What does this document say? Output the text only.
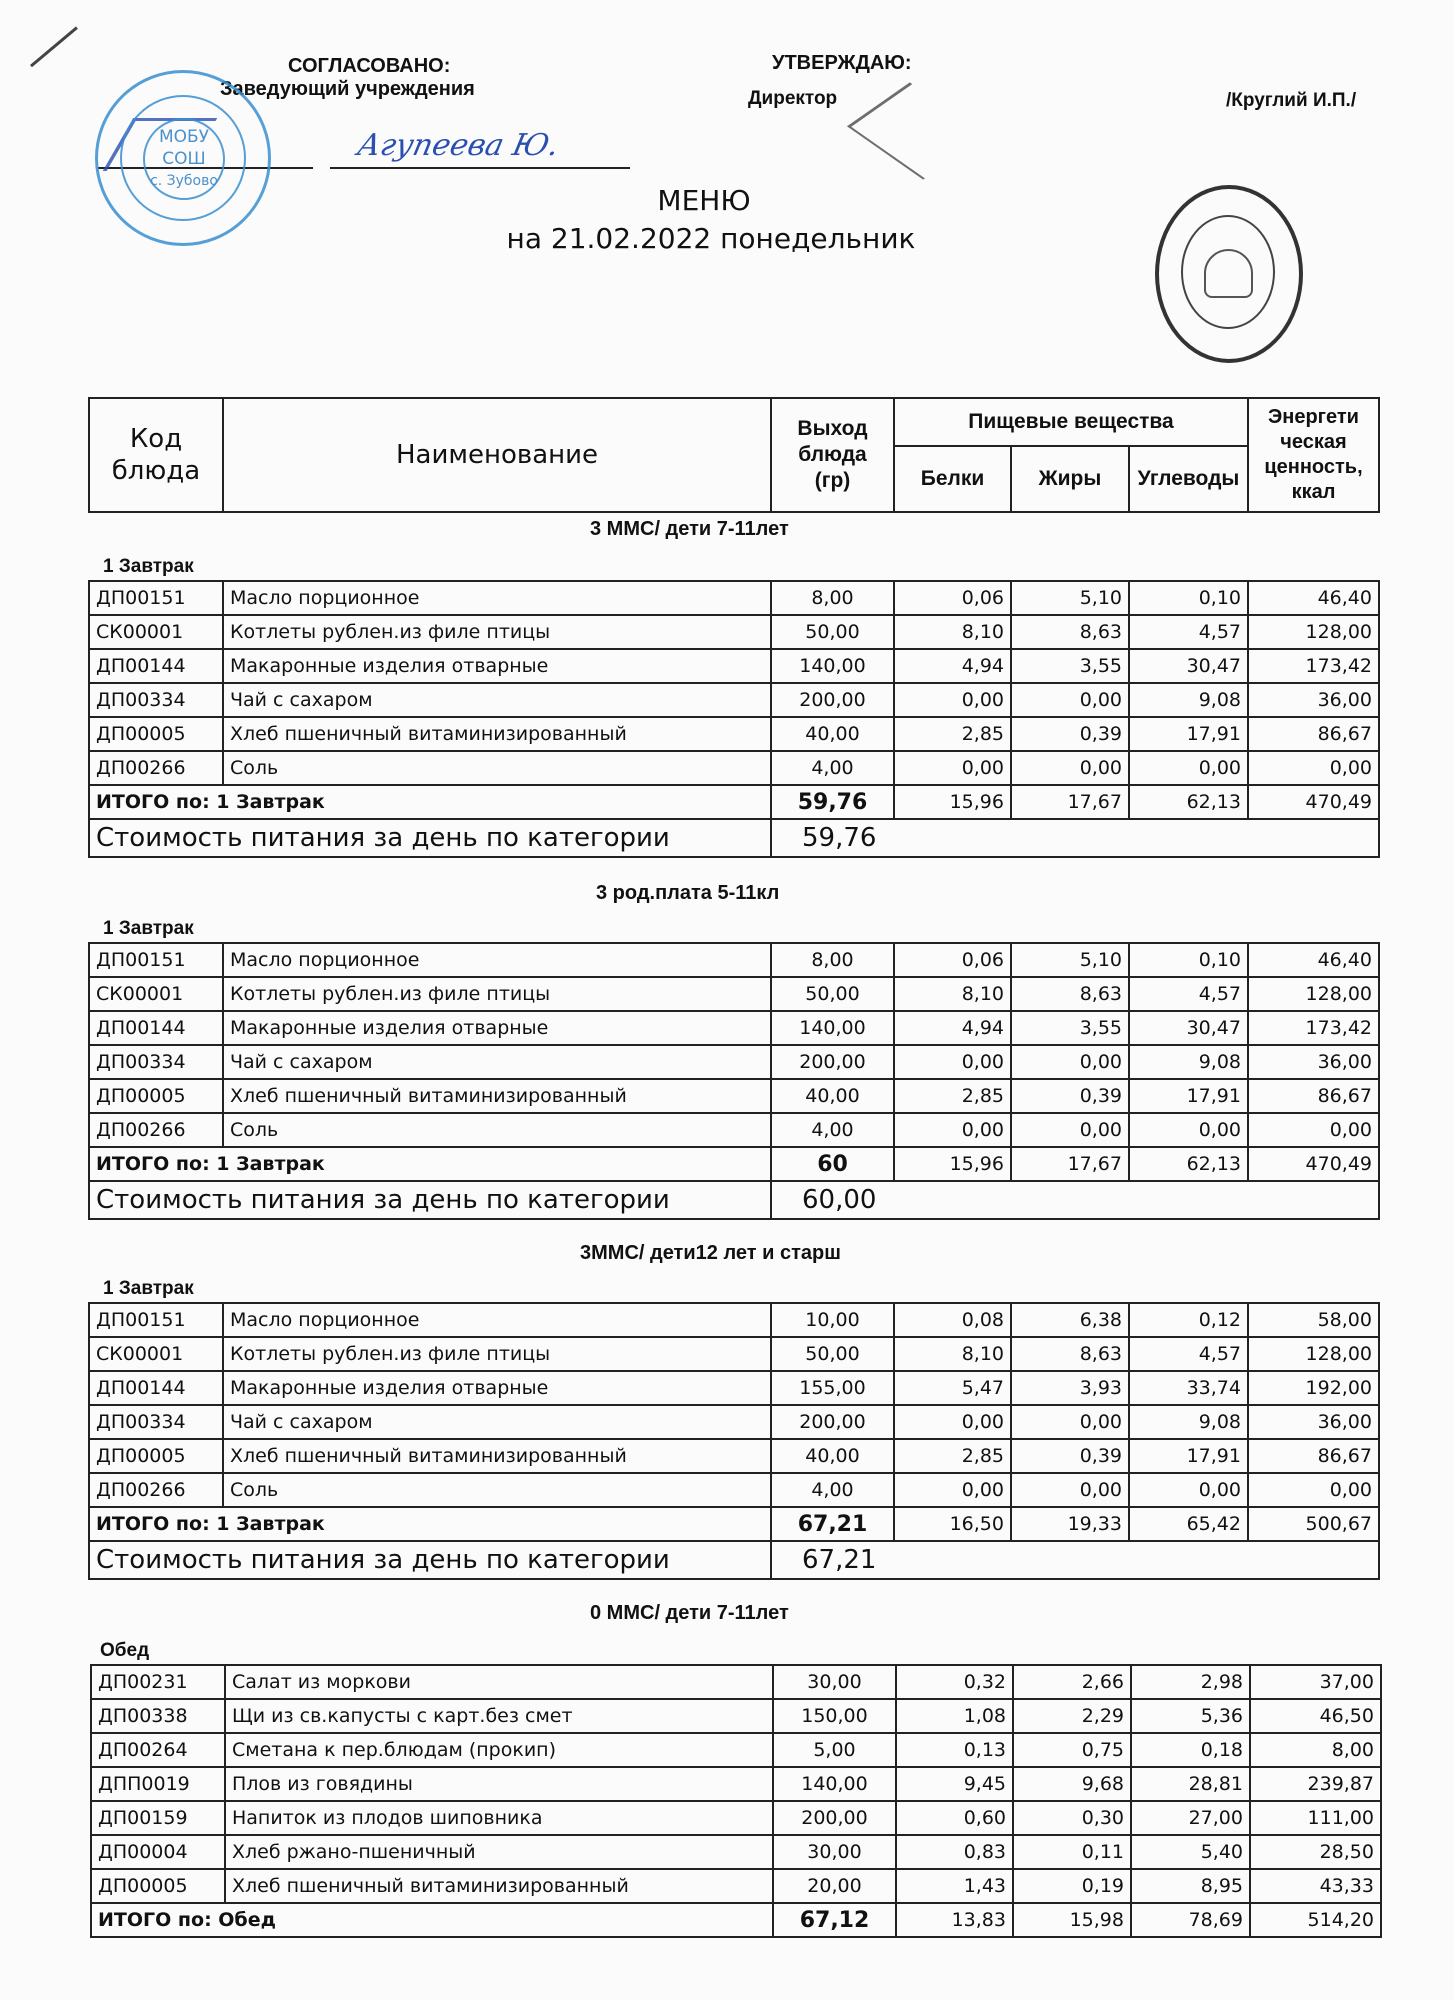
СОГЛАСОВАНО:
Заведующий учреждения
Агупеева Ю.
МОБУ
СОШ
с. Зубово
УТВЕРЖДАЮ:
Директор	/Круглий И.П./
МЕНЮ
на 21.02.2022 понедельник
Код
блюда
	Наименование	
Выход
блюда
(гр)
	Пищевые вещества	Энергети
ческая
ценность,
ккал

			Белки	Жиры	Углеводы	
3 ММС/ дети 7-11лет
1 Завтрак
ДП00151	Масло порционное	8,00	0,06	5,10	0,10	46,40
СК00001	Котлеты рублен.из филе птицы	50,00	8,10	8,63	4,57	128,00
ДП00144	Макаронные изделия отварные	140,00	4,94	3,55	30,47	173,42
ДП00334	Чай с сахаром	200,00	0,00	0,00	9,08	36,00
ДП00005	Хлеб пшеничный витаминизированный	40,00	2,85	0,39	17,91	86,67
ДП00266	Соль	4,00	0,00	0,00	0,00	0,00
ИТОГО по: 1 Завтрак		59,76	15,96	17,67	62,13	470,49
Стоимость питания за день по категории		59,76				
3 род.плата 5-11кл
1 Завтрак
ДП00151	Масло порционное	8,00	0,06	5,10	0,10	46,40
СК00001	Котлеты рублен.из филе птицы	50,00	8,10	8,63	4,57	128,00
ДП00144	Макаронные изделия отварные	140,00	4,94	3,55	30,47	173,42
ДП00334	Чай с сахаром	200,00	0,00	0,00	9,08	36,00
ДП00005	Хлеб пшеничный витаминизированный	40,00	2,85	0,39	17,91	86,67
ДП00266	Соль	4,00	0,00	0,00	0,00	0,00
ИТОГО по: 1 Завтрак		60	15,96	17,67	62,13	470,49
Стоимость питания за день по категории		60,00				
3ММС/ дети12 лет и старш
1 Завтрак
ДП00151	Масло порционное	10,00	0,08	6,38	0,12	58,00
СК00001	Котлеты рублен.из филе птицы	50,00	8,10	8,63	4,57	128,00
ДП00144	Макаронные изделия отварные	155,00	5,47	3,93	33,74	192,00
ДП00334	Чай с сахаром	200,00	0,00	0,00	9,08	36,00
ДП00005	Хлеб пшеничный витаминизированный	40,00	2,85	0,39	17,91	86,67
ДП00266	Соль	4,00	0,00	0,00	0,00	0,00
ИТОГО по: 1 Завтрак		67,21	16,50	19,33	65,42	500,67
Стоимость питания за день по категории		67,21				
0 ММС/ дети 7-11лет
Обед
ДП00231	Салат из моркови	30,00	0,32	2,66	2,98	37,00
ДП00338	Щи из св.капусты с карт.без смет	150,00	1,08	2,29	5,36	46,50
ДП00264	Сметана к пер.блюдам (прокип)	5,00	0,13	0,75	0,18	8,00
ДПП0019	Плов из говядины	140,00	9,45	9,68	28,81	239,87
ДП00159	Напиток из плодов шиповника	200,00	0,60	0,30	27,00	111,00
ДП00004	Хлеб ржано-пшеничный	30,00	0,83	0,11	5,40	28,50
ДП00005	Хлеб пшеничный витаминизированный	20,00	1,43	0,19	8,95	43,33
ИТОГО по: Обед		67,12	13,83	15,98	78,69	514,20
